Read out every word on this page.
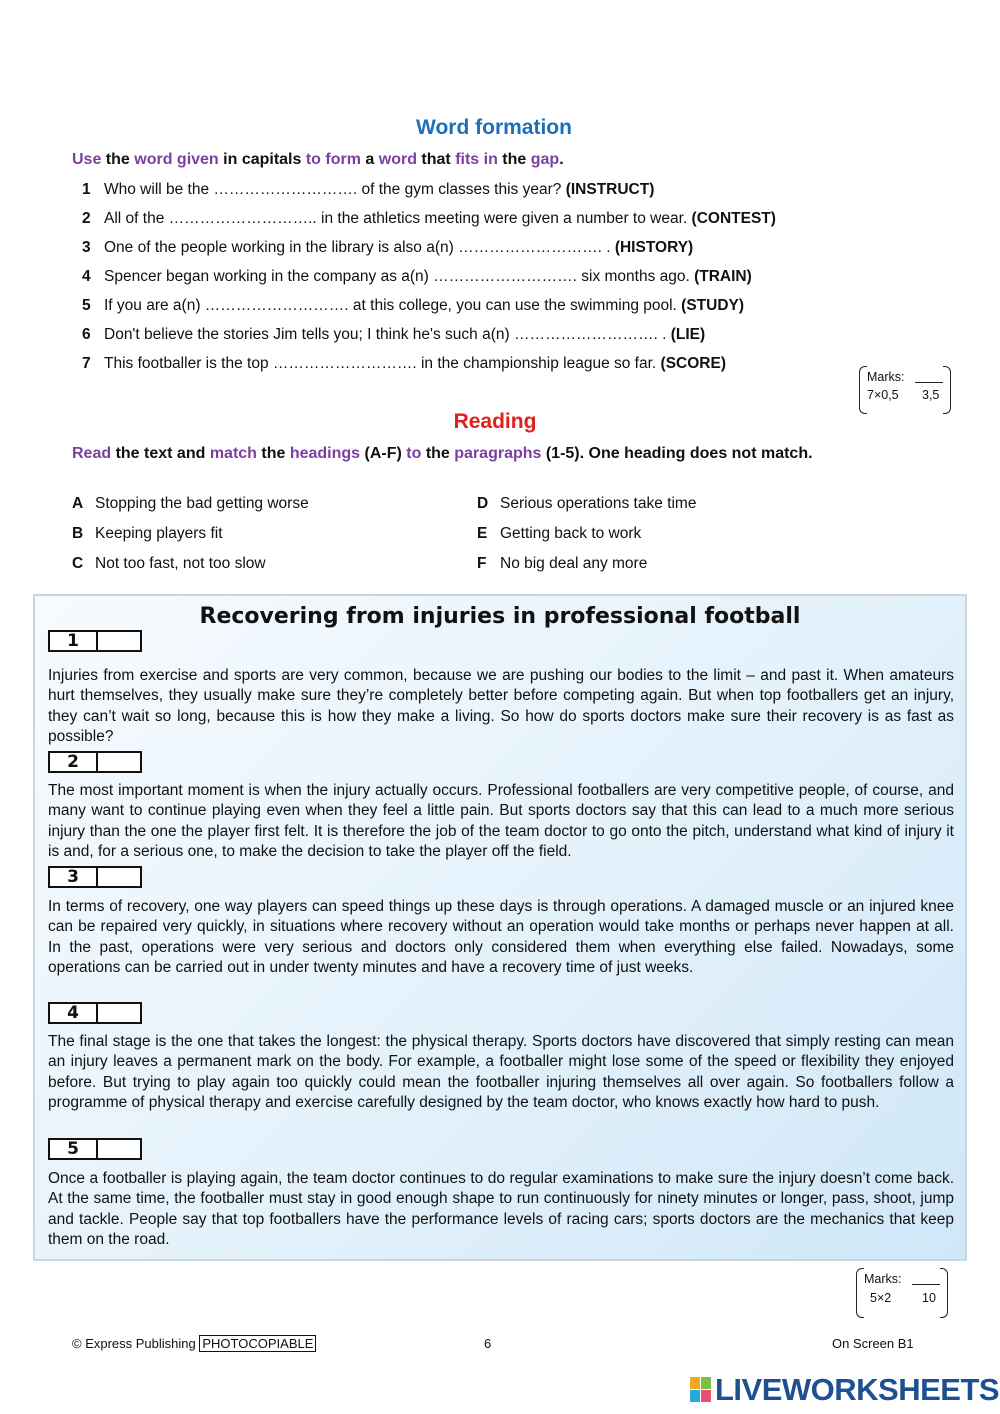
Word formation
Use the word given in capitals to form a word that fits in the gap.
1 Who will be the ………………………. of the gym classes this year? (INSTRUCT)
2 All of the ……………………….. in the athletics meeting were given a number to wear. (CONTEST)
3 One of the people working in the library is also a(n) ………………………. . (HISTORY)
4 Spencer began working in the company as a(n) ………………………. six months ago. (TRAIN)
5 If you are a(n) ………………………. at this college, you can use the swimming pool. (STUDY)
6 Don't believe the stories Jim tells you; I think he's such a(n) ………………………. . (LIE)
7 This footballer is the top ………………………. in the championship league so far. (SCORE)
Marks:
7×0,5 3,5
Reading
Read the text and match the headings (A-F) to the paragraphs (1-5). One heading does not match.
A Stopping the bad getting worse
B Keeping players fit
C Not too fast, not too slow
D Serious operations take time
E Getting back to work
F No big deal any more
Recovering from injuries in professional football
1
Injuries from exercise and sports are very common, because we are pushing our bodies to the limit – and past it. When amateurs hurt themselves, they usually make sure they’re completely better before competing again. But when top footballers get an injury, they can’t wait so long, because this is how they make a living. So how do sports doctors make sure their recovery is as fast as possible?
2
The most important moment is when the injury actually occurs. Professional footballers are very competitive people, of course, and many want to continue playing even when they feel a little pain. But sports doctors say that this can lead to a much more serious injury than the one the player first felt. It is therefore the job of the team doctor to go onto the pitch, understand what kind of injury it is and, for a serious one, to make the decision to take the player off the field.
3
In terms of recovery, one way players can speed things up these days is through operations. A damaged muscle or an injured knee can be repaired very quickly, in situations where recovery without an operation would take months or perhaps never happen at all. In the past, operations were very serious and doctors only considered them when everything else failed. Nowadays, some operations can be carried out in under twenty minutes and have a recovery time of just weeks.
4
The final stage is the one that takes the longest: the physical therapy. Sports doctors have discovered that simply resting can mean an injury leaves a permanent mark on the body. For example, a footballer might lose some of the speed or flexibility they enjoyed before. But trying to play again too quickly could mean the footballer injuring themselves all over again. So footballers follow a programme of physical therapy and exercise carefully designed by the team doctor, who knows exactly how hard to push.
5
Once a footballer is playing again, the team doctor continues to do regular examinations to make sure the injury doesn’t come back. At the same time, the footballer must stay in good enough shape to run continuously for ninety minutes or longer, pass, shoot, jump and tackle. People say that top footballers have the performance levels of racing cars; sports doctors are the mechanics that keep them on the road.
Marks:
5×2 10
© Express Publishing PHOTOCOPIABLE	6	On Screen B1
LIVEWORKSHEETS
